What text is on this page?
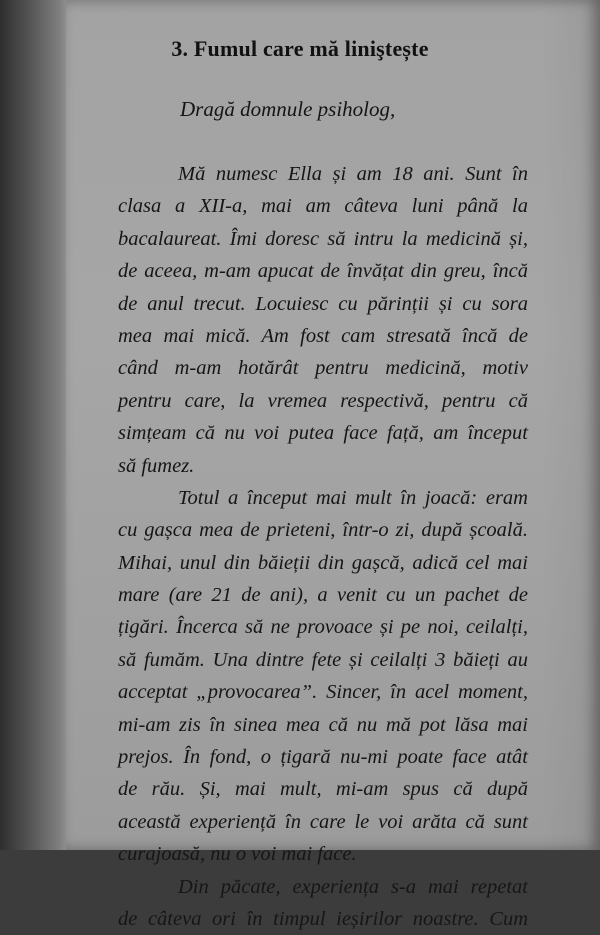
3. Fumul care mă liniştește
Dragă domnule psiholog,
Mă numesc Ella și am 18 ani. Sunt în
clasa a XII-a, mai am câteva luni până la
bacalaureat. Îmi doresc să intru la medicină și,
de aceea, m-am apucat de învățat din greu, încă
de anul trecut. Locuiesc cu părinții și cu sora
mea mai mică. Am fost cam stresată încă de
când m-am hotărât pentru medicină, motiv
pentru care, la vremea respectivă, pentru că
simțeam că nu voi putea face față, am început
să fumez.
Totul a început mai mult în joacă: eram
cu gașca mea de prieteni, într-o zi, după școală.
Mihai, unul din băieții din gașcă, adică cel mai
mare (are 21 de ani), a venit cu un pachet de
țigări. Încerca să ne provoace și pe noi, ceilalți,
să fumăm. Una dintre fete și ceilalți 3 băieți au
acceptat „provocarea”. Sincer, în acel moment,
mi-am zis în sinea mea că nu mă pot lăsa mai
prejos. În fond, o țigară nu-mi poate face atât
de rău. Și, mai mult, mi-am spus că după
această experiență în care le voi arăta că sunt
curajoasă, nu o voi mai face.
Din păcate, experiența s-a mai repetat
de câteva ori în timpul ieșirilor noastre. Cum
